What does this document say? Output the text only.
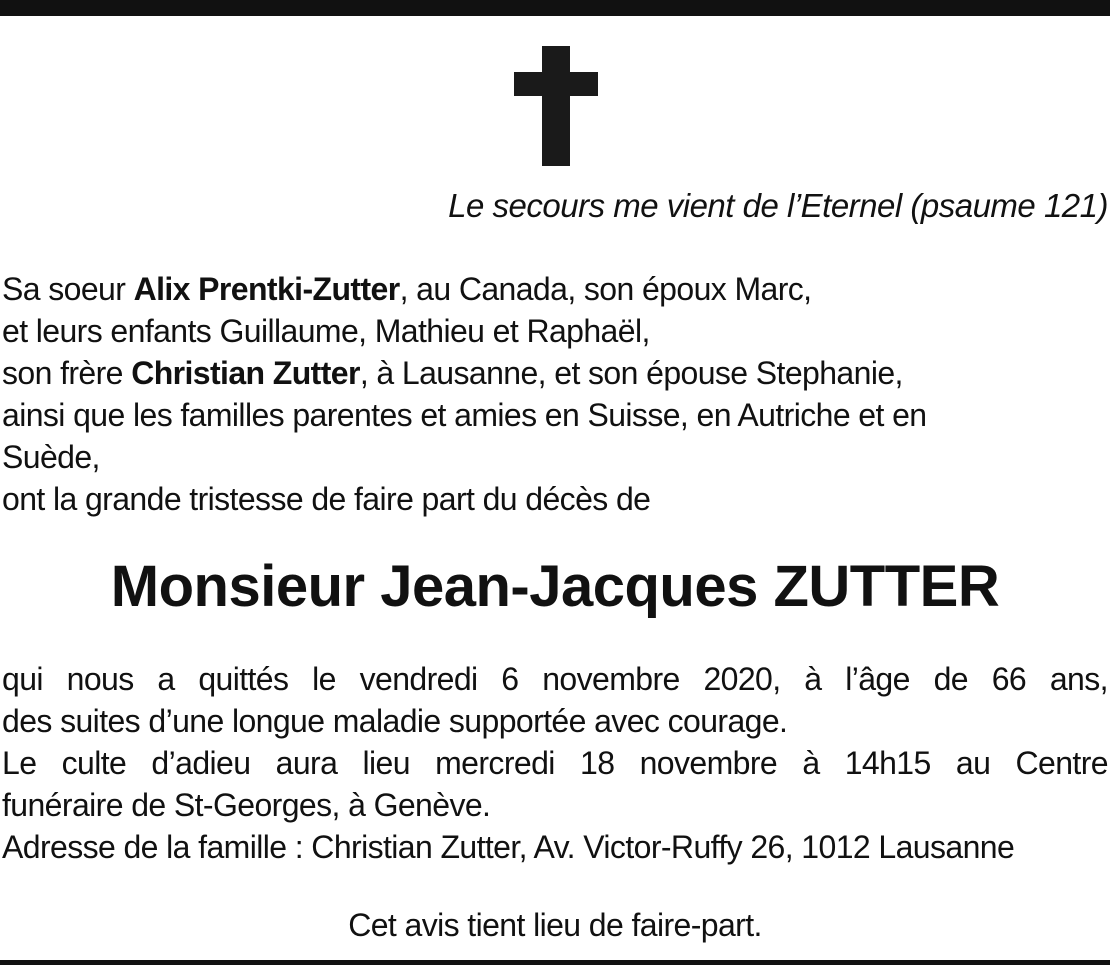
Le secours me vient de l’Eternel (psaume 121)
Sa soeur Alix Prentki-Zutter, au Canada, son époux Marc,
et leurs enfants Guillaume, Mathieu et Raphaël,
son frère Christian Zutter, à Lausanne, et son épouse Stephanie,
ainsi que les familles parentes et amies en Suisse, en Autriche et en
Suède,
ont la grande tristesse de faire part du décès de
Monsieur Jean-Jacques ZUTTER
qui nous a quittés le vendredi 6 novembre 2020, à l’âge de 66 ans,
des suites d’une longue maladie supportée avec courage.
Le culte d’adieu aura lieu mercredi 18 novembre à 14h15 au Centre
funéraire de St-Georges, à Genève.
Adresse de la famille : Christian Zutter, Av. Victor-Ruffy 26, 1012 Lausanne
Cet avis tient lieu de faire-part.
